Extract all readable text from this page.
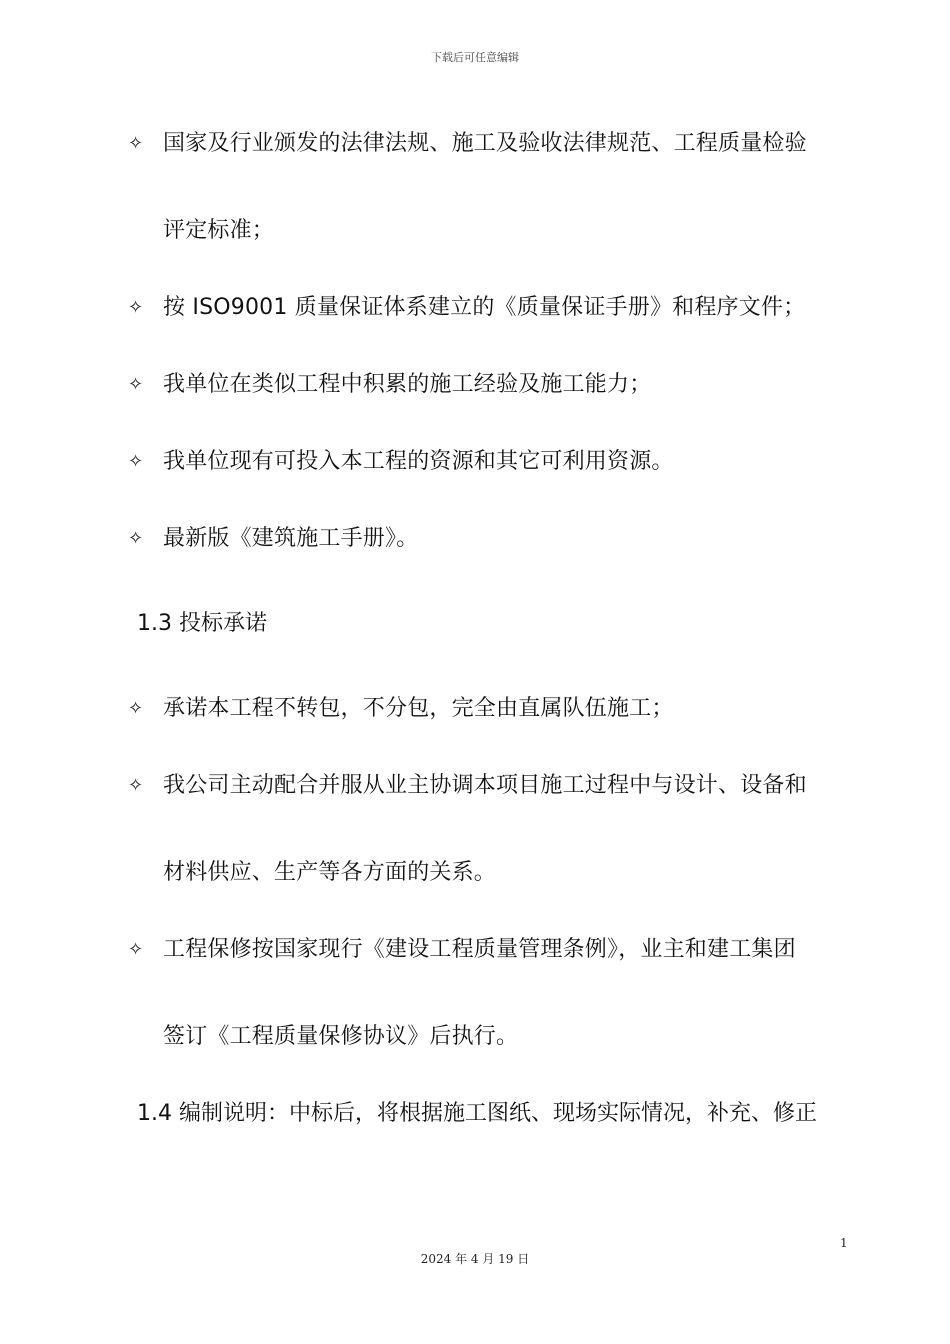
下载后可任意编辑
✧ 国家及行业颁发的法律法规、施工及验收法律规范、工程质量检验
评定标准；
✧ 按 ISO9001 质量保证体系建立的《质量保证手册》和程序文件；
✧ 我单位在类似工程中积累的施工经验及施工能力；
✧ 我单位现有可投入本工程的资源和其它可利用资源。
✧ 最新版《建筑施工手册》。
1.3 投标承诺
✧ 承诺本工程不转包，不分包，完全由直属队伍施工；
✧ 我公司主动配合并服从业主协调本项目施工过程中与设计、设备和
材料供应、生产等各方面的关系。
✧ 工程保修按国家现行《建设工程质量管理条例》，业主和建工集团
签订《工程质量保修协议》后执行。
1.4 编制说明：中标后，将根据施工图纸、现场实际情况，补充、修正
1
2024 年 4 月 19 日
